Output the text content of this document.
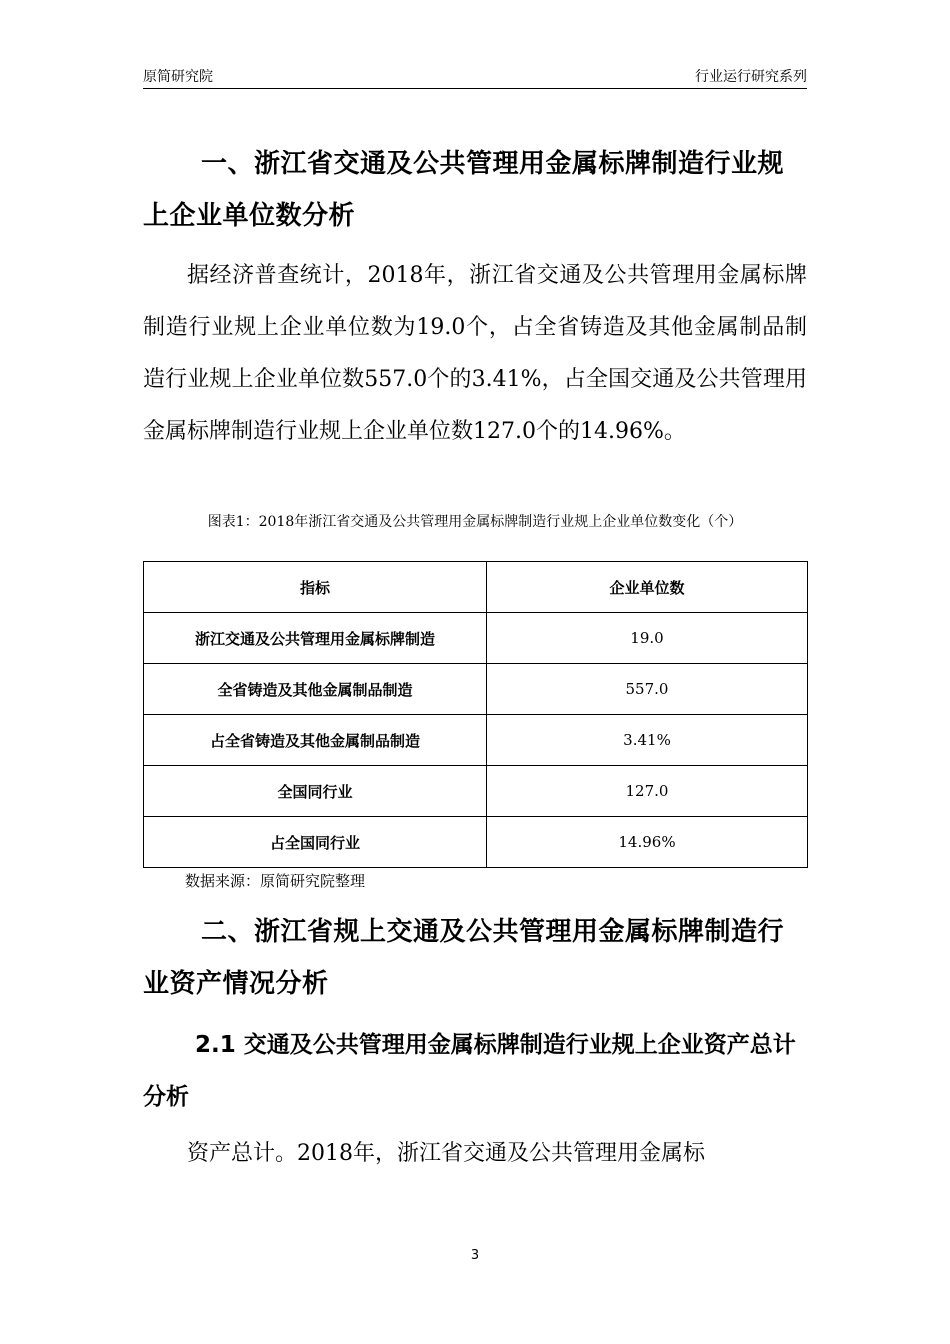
原简研究院	行业运行研究系列
一、浙江省交通及公共管理用金属标牌制造行业规上企业单位数分析
据经济普查统计，2018年，浙江省交通及公共管理用金属标牌制造行业规上企业单位数为19.0个，占全省铸造及其他金属制品制造行业规上企业单位数557.0个的3.41%，占全国交通及公共管理用金属标牌制造行业规上企业单位数127.0个的14.96%。
图表1：2018年浙江省交通及公共管理用金属标牌制造行业规上企业单位数变化（个）
指标	企业单位数
浙江交通及公共管理用金属标牌制造	19.0
全省铸造及其他金属制品制造	557.0
占全省铸造及其他金属制品制造	3.41%
全国同行业	127.0
占全国同行业	14.96%
数据来源：原简研究院整理
二、浙江省规上交通及公共管理用金属标牌制造行业资产情况分析
2.1 交通及公共管理用金属标牌制造行业规上企业资产总计分析
资产总计。2018年，浙江省交通及公共管理用金属标
3
